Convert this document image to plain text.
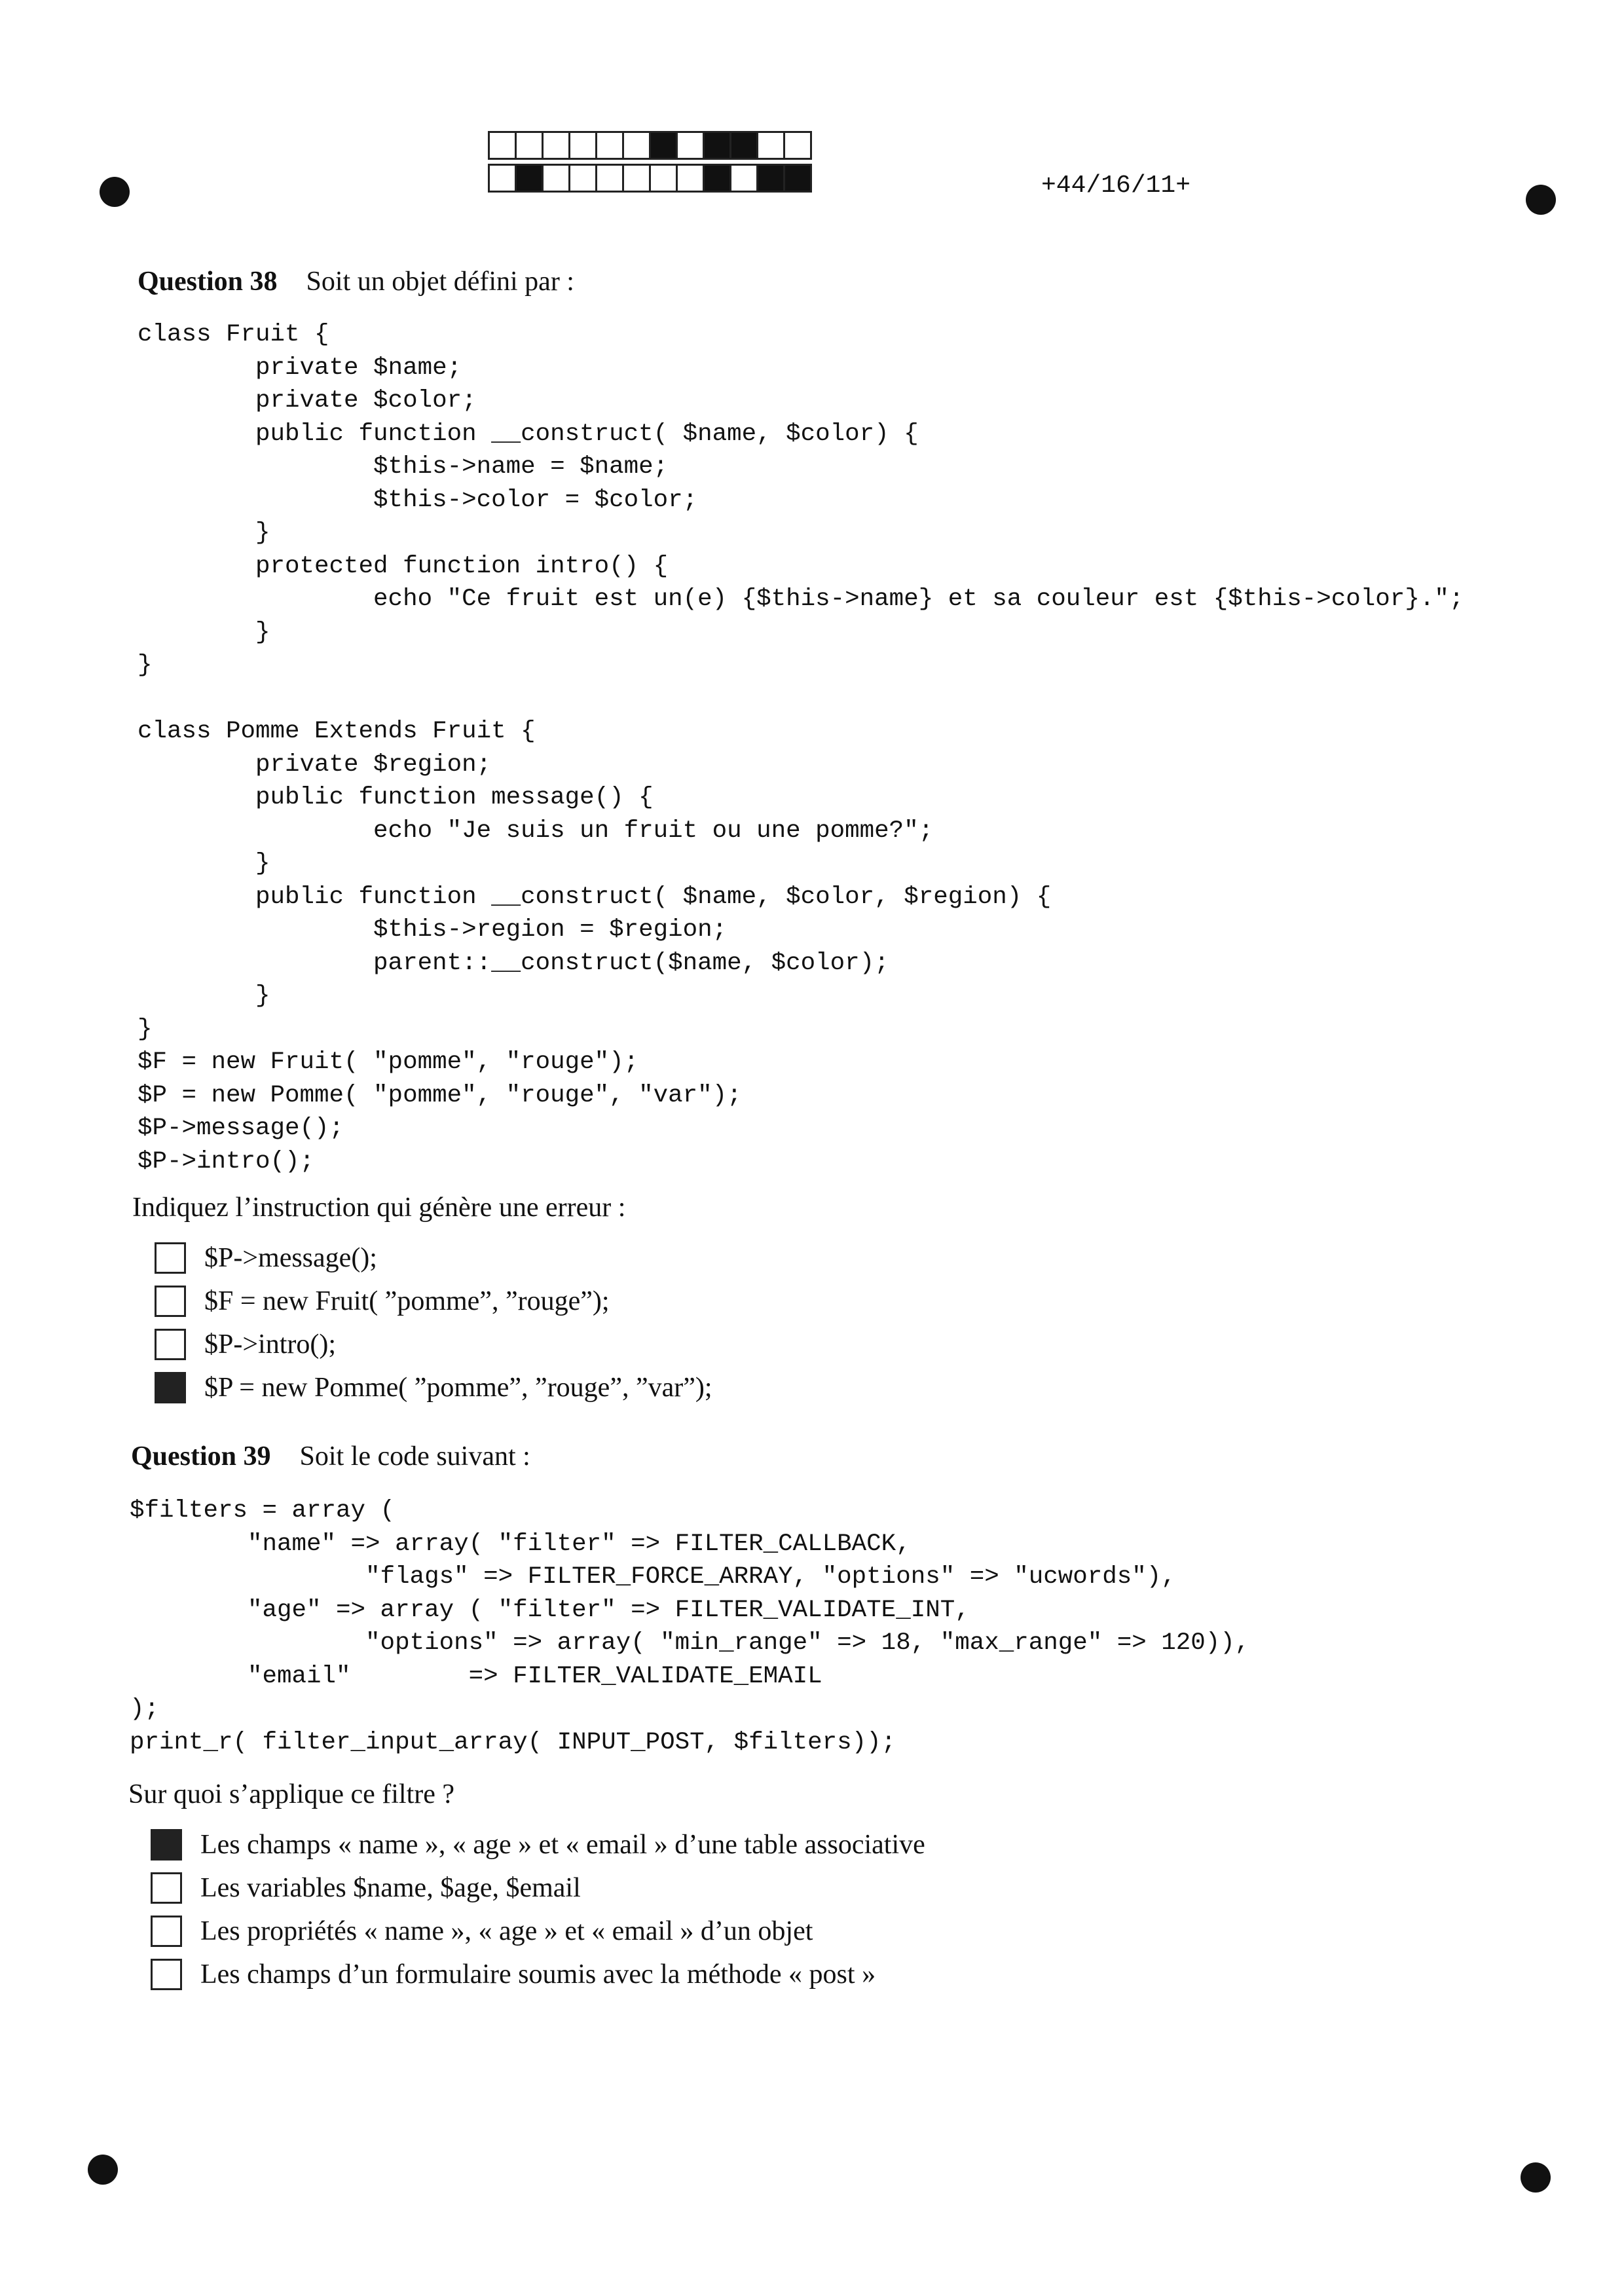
+44/16/11+
Question 38 Soit un objet défini par :
class Fruit {
private $name;
private $color;
public function __construct( $name, $color) {
$this->name = $name;
$this->color = $color;
}
protected function intro() {
echo "Ce fruit est un(e) {$this->name} et sa couleur est {$this->color}.";
}
}

class Pomme Extends Fruit {
private $region;
public function message() {
echo "Je suis un fruit ou une pomme?";
}
public function __construct( $name, $color, $region) {
$this->region = $region;
parent::__construct($name, $color);
}
}
$F = new Fruit( "pomme", "rouge");
$P = new Pomme( "pomme", "rouge", "var");
$P->message();
$P->intro();
Indiquez l’instruction qui génère une erreur :
$P->message();
$F = new Fruit( ”pomme”, ”rouge”);
$P->intro();
$P = new Pomme( ”pomme”, ”rouge”, ”var”);
Question 39 Soit le code suivant :
$filters = array (
"name" => array( "filter" => FILTER_CALLBACK,
"flags" => FILTER_FORCE_ARRAY, "options" => "ucwords"),
"age" => array ( "filter" => FILTER_VALIDATE_INT,
"options" => array( "min_range" => 18, "max_range" => 120)),
"email"        => FILTER_VALIDATE_EMAIL
);
print_r( filter_input_array( INPUT_POST, $filters));
Sur quoi s’applique ce filtre ?
Les champs « name », « age » et « email » d’une table associative
Les variables $name, $age, $email
Les propriétés « name », « age » et « email » d’un objet
Les champs d’un formulaire soumis avec la méthode « post »
